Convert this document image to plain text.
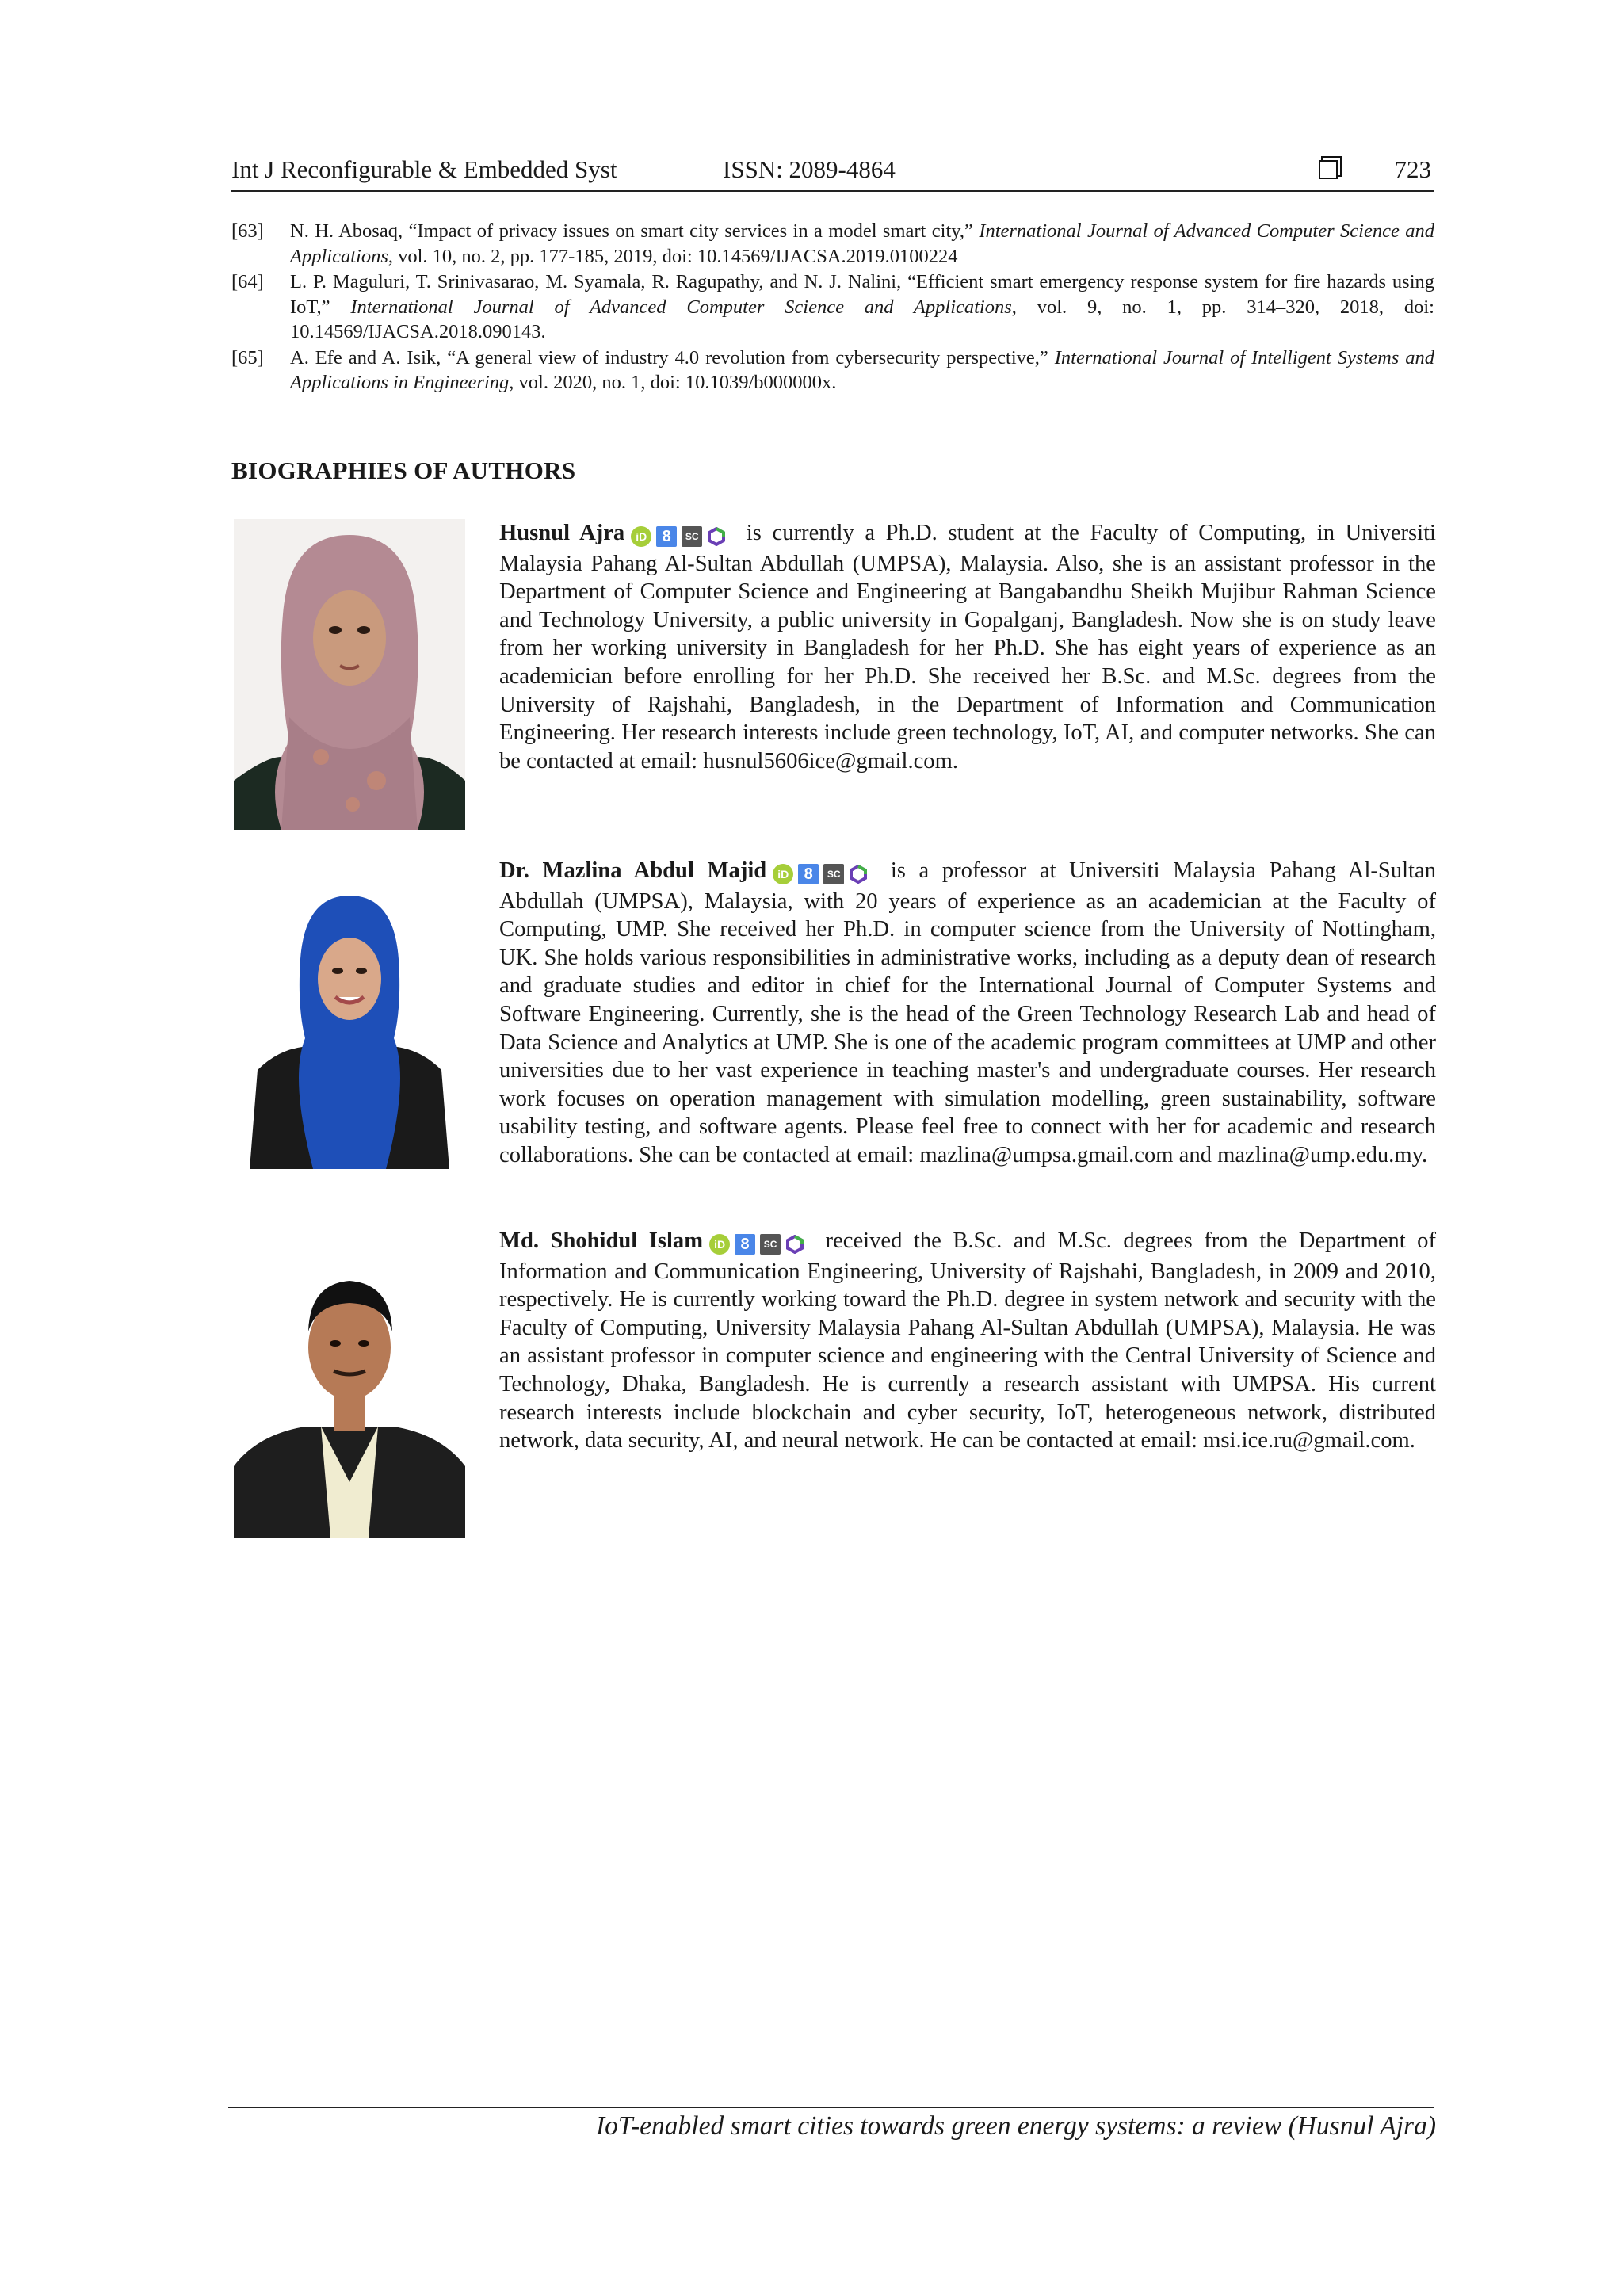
Int J Reconfigurable & Embedded Syst	ISSN: 2089-4864	723
[63]	N. H. Abosaq, “Impact of privacy issues on smart city services in a model smart city,” International Journal of Advanced Computer Science and Applications, vol. 10, no. 2, pp. 177-185, 2019, doi: 10.14569/IJACSA.2019.0100224
[64]	L. P. Maguluri, T. Srinivasarao, M. Syamala, R. Ragupathy, and N. J. Nalini, “Efficient smart emergency response system for fire hazards using IoT,” International Journal of Advanced Computer Science and Applications, vol. 9, no. 1, pp. 314–320, 2018, doi: 10.14569/IJACSA.2018.090143.
[65]	A. Efe and A. Isik, “A general view of industry 4.0 revolution from cybersecurity perspective,” International Journal of Intelligent Systems and Applications in Engineering, vol. 2020, no. 1, doi: 10.1039/b000000x.
BIOGRAPHIES OF AUTHORS
Husnul Ajra iD 8 SC is currently a Ph.D. student at the Faculty of Computing, in Universiti Malaysia Pahang Al-Sultan Abdullah (UMPSA), Malaysia. Also, she is an assistant professor in the Department of Computer Science and Engineering at Bangabandhu Sheikh Mujibur Rahman Science and Technology University, a public university in Gopalganj, Bangladesh. Now she is on study leave from her working university in Bangladesh for her Ph.D. She has eight years of experience as an academician before enrolling for her Ph.D. She received her B.Sc. and M.Sc. degrees from the University of Rajshahi, Bangladesh, in the Department of Information and Communication Engineering. Her research interests include green technology, IoT, AI, and computer networks. She can be contacted at email: husnul5606ice@gmail.com.
Dr. Mazlina Abdul Majid iD 8 SC is a professor at Universiti Malaysia Pahang Al-Sultan Abdullah (UMPSA), Malaysia, with 20 years of experience as an academician at the Faculty of Computing, UMP. She received her Ph.D. in computer science from the University of Nottingham, UK. She holds various responsibilities in administrative works, including as a deputy dean of research and graduate studies and editor in chief for the International Journal of Computer Systems and Software Engineering. Currently, she is the head of the Green Technology Research Lab and head of Data Science and Analytics at UMP. She is one of the academic program committees at UMP and other universities due to her vast experience in teaching master's and undergraduate courses. Her research work focuses on operation management with simulation modelling, green sustainability, software usability testing, and software agents. Please feel free to connect with her for academic and research collaborations. She can be contacted at email: mazlina@umpsa.gmail.com and mazlina@ump.edu.my.
Md. Shohidul Islam iD 8 SC received the B.Sc. and M.Sc. degrees from the Department of Information and Communication Engineering, University of Rajshahi, Bangladesh, in 2009 and 2010, respectively. He is currently working toward the Ph.D. degree in system network and security with the Faculty of Computing, University Malaysia Pahang Al-Sultan Abdullah (UMPSA), Malaysia. He was an assistant professor in computer science and engineering with the Central University of Science and Technology, Dhaka, Bangladesh. He is currently a research assistant with UMPSA. His current research interests include blockchain and cyber security, IoT, heterogeneous network, distributed network, data security, AI, and neural network. He can be contacted at email: msi.ice.ru@gmail.com.
IoT-enabled smart cities towards green energy systems: a review (Husnul Ajra)
